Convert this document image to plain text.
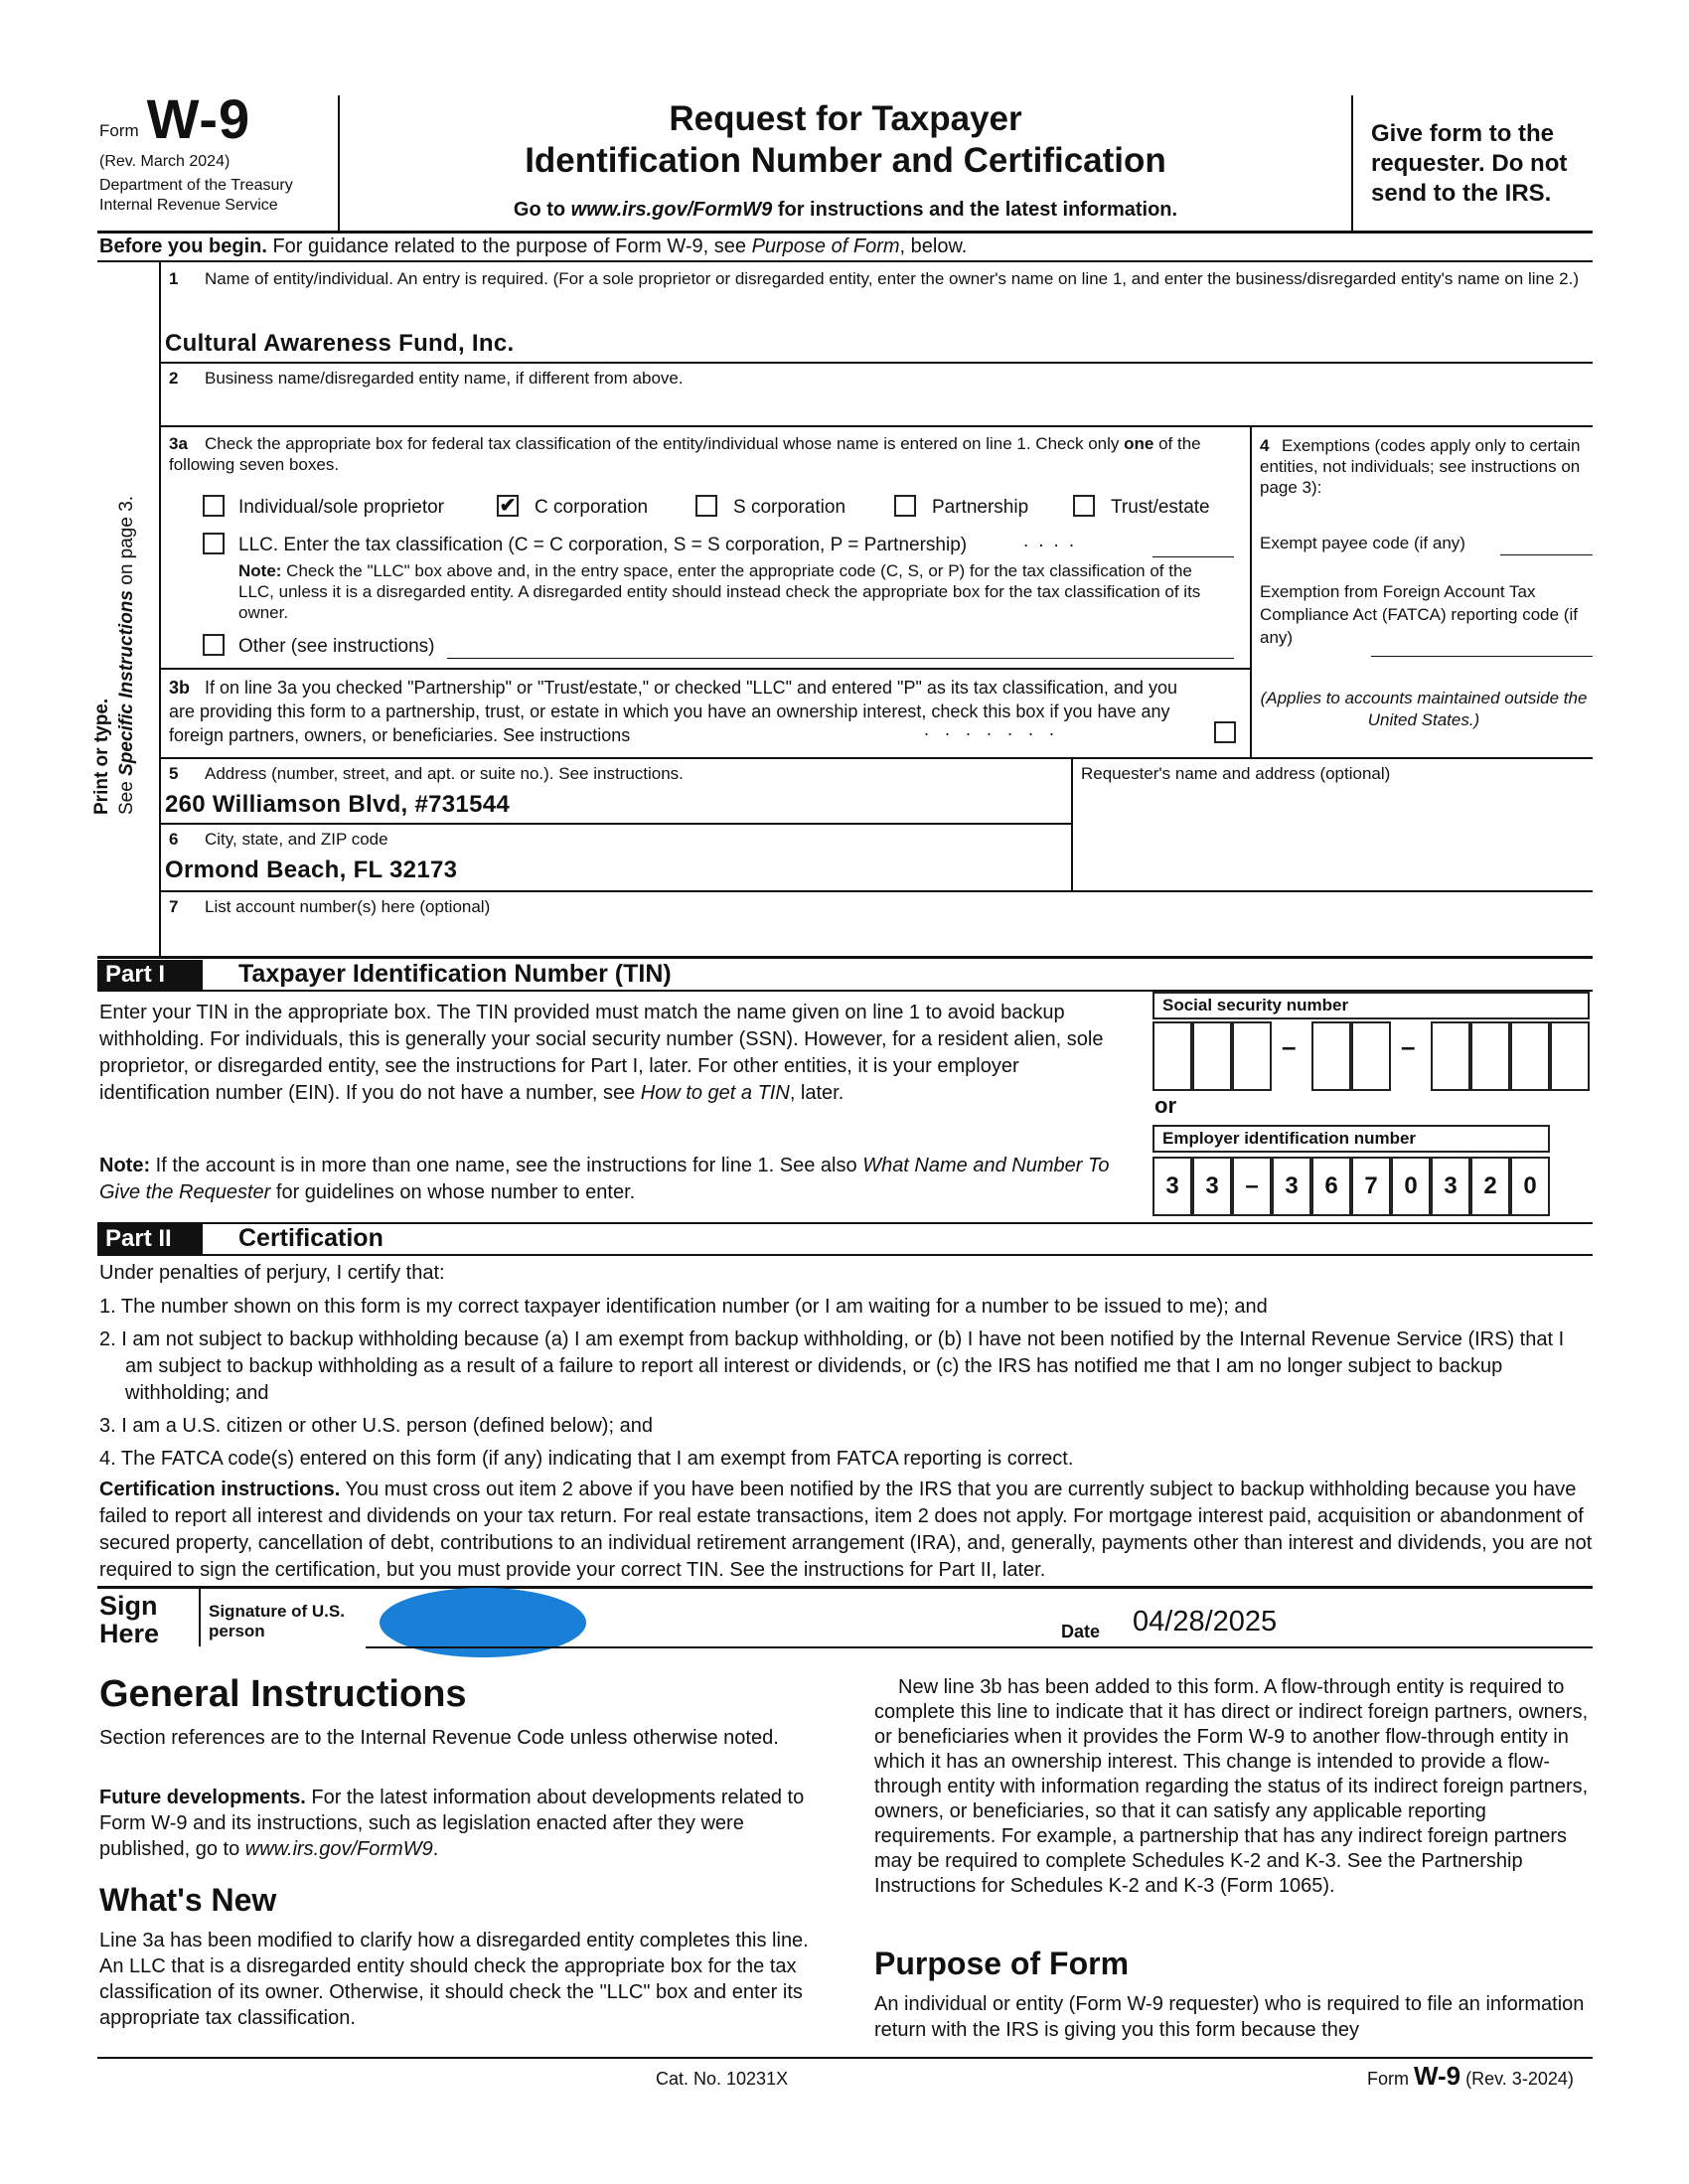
Form W-9
(Rev. March 2024)
Department of the Treasury
Internal Revenue Service
Request for Taxpayer
Identification Number and Certification
Go to www.irs.gov/FormW9 for instructions and the latest information.
Give form to the requester. Do not send to the IRS.
Before you begin. For guidance related to the purpose of Form W-9, see Purpose of Form, below.
Print or type. See Specific Instructions on page 3.
1 Name of entity/individual. An entry is required. (For a sole proprietor or disregarded entity, enter the owner's name on line 1, and enter the business/disregarded entity's name on line 2.)
Cultural Awareness Fund, Inc.
2 Business name/disregarded entity name, if different from above.
3a Check the appropriate box for federal tax classification of the entity/individual whose name is entered on line 1. Check only one of the following seven boxes.
Individual/sole proprietor	✔ C corporation	S corporation	Partnership	Trust/estate
LLC. Enter the tax classification (C = C corporation, S = S corporation, P = Partnership)	....
Note: Check the "LLC" box above and, in the entry space, enter the appropriate code (C, S, or P) for the tax classification of the LLC, unless it is a disregarded entity. A disregarded entity should instead check the appropriate box for the tax classification of its owner.
Other (see instructions)
4 Exemptions (codes apply only to certain entities, not individuals; see instructions on page 3):
Exempt payee code (if any)
Exemption from Foreign Account Tax Compliance Act (FATCA) reporting code (if any)
(Applies to accounts maintained outside the United States.)
3b If on line 3a you checked "Partnership" or "Trust/estate," or checked "LLC" and entered "P" as its tax classification, and you are providing this form to a partnership, trust, or estate in which you have an ownership interest, check this box if you have any foreign partners, owners, or beneficiaries. See instructions	.......
5 Address (number, street, and apt. or suite no.). See instructions.
260 Williamson Blvd, #731544
Requester's name and address (optional)
6 City, state, and ZIP code
Ormond Beach, FL 32173
7 List account number(s) here (optional)
Part I	Taxpayer Identification Number (TIN)
Enter your TIN in the appropriate box. The TIN provided must match the name given on line 1 to avoid backup withholding. For individuals, this is generally your social security number (SSN). However, for a resident alien, sole proprietor, or disregarded entity, see the instructions for Part I, later. For other entities, it is your employer identification number (EIN). If you do not have a number, see How to get a TIN, later.
Note: If the account is in more than one name, see the instructions for line 1. See also What Name and Number To Give the Requester for guidelines on whose number to enter.
Social security number
–	–
or
Employer identification number
3	3	–	3	6	7	0	3	2	0
Part II	Certification
Under penalties of perjury, I certify that:
1. The number shown on this form is my correct taxpayer identification number (or I am waiting for a number to be issued to me); and
2. I am not subject to backup withholding because (a) I am exempt from backup withholding, or (b) I have not been notified by the Internal Revenue Service (IRS) that I am subject to backup withholding as a result of a failure to report all interest or dividends, or (c) the IRS has notified me that I am no longer subject to backup withholding; and
3. I am a U.S. citizen or other U.S. person (defined below); and
4. The FATCA code(s) entered on this form (if any) indicating that I am exempt from FATCA reporting is correct.
Certification instructions. You must cross out item 2 above if you have been notified by the IRS that you are currently subject to backup withholding because you have failed to report all interest and dividends on your tax return. For real estate transactions, item 2 does not apply. For mortgage interest paid, acquisition or abandonment of secured property, cancellation of debt, contributions to an individual retirement arrangement (IRA), and, generally, payments other than interest and dividends, you are not required to sign the certification, but you must provide your correct TIN. See the instructions for Part II, later.
Sign Here
Signature of U.S. person	Date 04/28/2025
General Instructions
Section references are to the Internal Revenue Code unless otherwise noted.
Future developments. For the latest information about developments related to Form W-9 and its instructions, such as legislation enacted after they were published, go to www.irs.gov/FormW9.
What's New
Line 3a has been modified to clarify how a disregarded entity completes this line. An LLC that is a disregarded entity should check the appropriate box for the tax classification of its owner. Otherwise, it should check the "LLC" box and enter its appropriate tax classification.
New line 3b has been added to this form. A flow-through entity is required to complete this line to indicate that it has direct or indirect foreign partners, owners, or beneficiaries when it provides the Form W-9 to another flow-through entity in which it has an ownership interest. This change is intended to provide a flow-through entity with information regarding the status of its indirect foreign partners, owners, or beneficiaries, so that it can satisfy any applicable reporting requirements. For example, a partnership that has any indirect foreign partners may be required to complete Schedules K-2 and K-3. See the Partnership Instructions for Schedules K-2 and K-3 (Form 1065).
Purpose of Form
An individual or entity (Form W-9 requester) who is required to file an information return with the IRS is giving you this form because they
Cat. No. 10231X	Form W-9 (Rev. 3-2024)
